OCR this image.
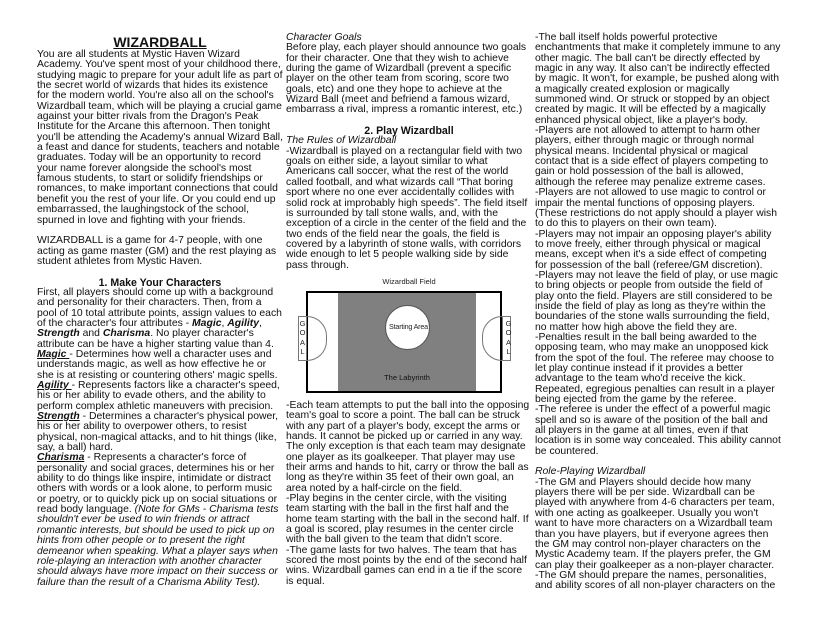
WIZARDBALL

You are all students at Mystic Haven Wizard Academy. You've spent most of your childhood there, studying magic to prepare for your adult life as part of the secret world of wizards that hides its existence for the modern world. You're also all on the school's Wizardball team, which will be playing a crucial game against your bitter rivals from the Dragon's Peak Institute for the Arcane this afternoon. Then tonight you'll be attending the Academy's annual Wizard Ball, a feast and dance for students, teachers and notable graduates. Today will be an opportunity to record your name forever alongside the school's most famous students, to start or solidify friendships or romances, to make important connections that could benefit you the rest of your life. Or you could end up embarrassed, the laughingstock of the school, spurned in love and fighting with your friends.

WIZARDBALL is a game for 4-7 people, with one acting as game master (GM) and the rest playing as student athletes from Mystic Haven.

1. Make Your Characters

First, all players should come up with a background and personality for their characters. Then, from a pool of 10 total attribute points, assign values to each of the character's four attributes - Magic, Agility, Strength and Charisma. No player character's attribute can be have a higher starting value than 4.

Magic - Determines how well a character uses and understands magic, as well as how effective he or she is at resisting or countering others' magic spells.

Agility - Represents factors like a character's speed, his or her ability to evade others, and the ability to perform complex athletic maneuvers with precision.

Strength - Determines a character's physical power, his or her ability to overpower others, to resist physical, non-magical attacks, and to hit things (like, say, a ball) hard.

Charisma - Represents a character's force of personality and social graces, determines his or her ability to do things like inspire, intimidate or distract others with words or a look alone, to perform music or poetry, or to quickly pick up on social situations or read body language. (Note for GMs - Charisma tests shouldn't ever be used to win friends or attract romantic interests, but should be used to pick up on hints from other people or to present the right demeanor when speaking. What a player says when role-playing an interaction with another character should always have more impact on their success or failure than the result of a Charisma Ability Test).

Character Goals

Before play, each player should announce two goals for their character. One that they wish to achieve during the game of Wizardball (prevent a specific player on the other team from scoring, score two goals, etc) and one they hope to achieve at the Wizard Ball (meet and befriend a famous wizard, embarrass a rival, impress a romantic interest, etc.)

2. Play Wizardball

The Rules of Wizardball

-Wizardball is played on a rectangular field with two goals on either side, a layout similar to what Americans call soccer, what the rest of the world called football, and what wizards call “That boring sport where no one ever accidentally collides with solid rock at improbably high speeds”. The field itself is surrounded by tall stone walls, and, with the exception of a circle in the center of the field and the two ends of the field near the goals, the field is covered by a labyrinth of stone walls, with corridors wide enough to let 5 people walking side by side pass through.

Wizardball Field
Starting Area
The Labyrinth
G
O
A
L
G
O
A
L

-Each team attempts to put the ball into the opposing team's goal to score a point. The ball can be struck with any part of a player's body, except the arms or hands. It cannot be picked up or carried in any way. The only exception is that each team may designate one player as its goalkeeper. That player may use their arms and hands to hit, carry or throw the ball as long as they're within 35 feet of their own goal, an area noted by a half-circle on the field.

-Play begins in the center circle, with the visiting team starting with the ball in the first half and the home team starting with the ball in the second half. If a goal is scored, play resumes in the center circle with the ball given to the team that didn't score.

-The game lasts for two halves. The team that has scored the most points by the end of the second half wins. Wizardball games can end in a tie if the score is equal.

-The ball itself holds powerful protective enchantments that make it completely immune to any other magic. The ball can't be directly effected by magic in any way. It also can't be indirectly effected by magic. It won't, for example, be pushed along with a magically created explosion or magically summoned wind. Or struck or stopped by an object created by magic. It will be effected by a magically enhanced physical object, like a player's body.

-Players are not allowed to attempt to harm other players, either through magic or through normal physical means. Incidental physical or magical contact that is a side effect of players competing to gain or hold possession of the ball is allowed, although the referee may penalize extreme cases.

-Players are not allowed to use magic to control or impair the mental functions of opposing players. (These restrictions do not apply should a player wish to do this to players on their own team).

-Players may not impair an opposing player's ability to move freely, either through physical or magical means, except when it's a side effect of competing for possession of the ball (referee/GM discretion).

-Players may not leave the field of play, or use magic to bring objects or people from outside the field of play onto the field. Players are still considered to be inside the field of play as long as they're within the boundaries of the stone walls surrounding the field, no matter how high above the field they are.

-Penalties result in the ball being awarded to the opposing team, who may make an unopposed kick from the spot of the foul. The referee may choose to let play continue instead if it provides a better advantage to the team who'd receive the kick. Repeated, egregious penalties can result in a player being ejected from the game by the referee.

-The referee is under the effect of a powerful magic spell and so is aware of the position of the ball and all players in the game at all times, even if that location is in some way concealed. This ability cannot be countered.

Role-Playing Wizardball

-The GM and Players should decide how many players there will be per side. Wizardball can be played with anywhere from 4-6 characters per team, with one acting as goalkeeper. Usually you won't want to have more characters on a Wizardball team than you have players, but if everyone agrees then the GM may control non-player characters on the Mystic Academy team. If the players prefer, the GM can play their goalkeeper as a non-player character.

-The GM should prepare the names, personalities, and ability scores of all non-player characters on the
